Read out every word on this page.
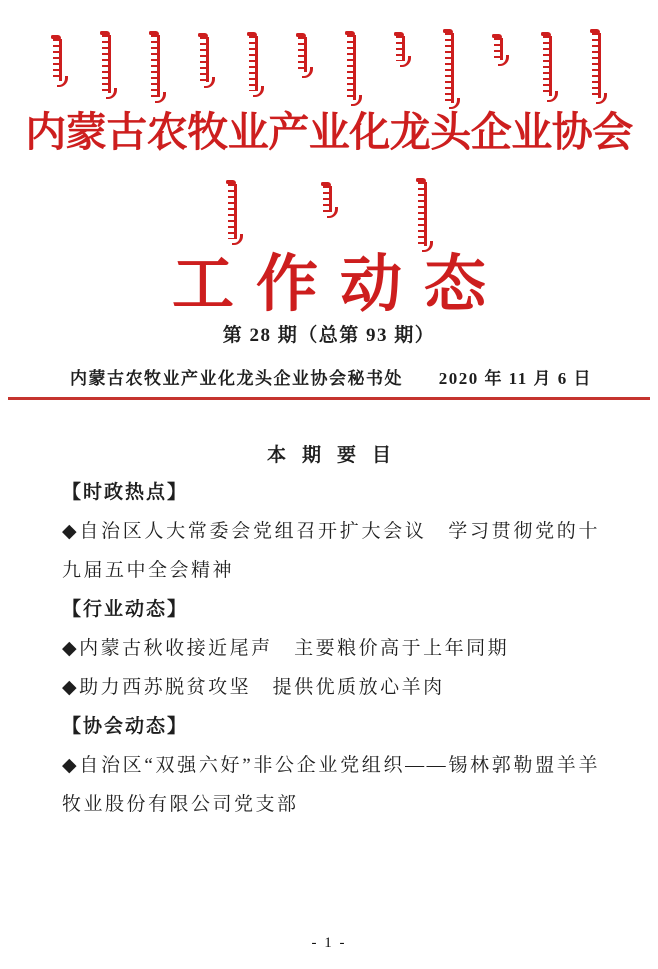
内蒙古农牧业产业化龙头企业协会
工作动态
第 28 期（总第 93 期）
内蒙古农牧业产业化龙头企业协会秘书处 2020 年 11 月 6 日
本期要目
【时政热点】
◆自治区人大常委会党组召开扩大会议　学习贯彻党的十九届五中全会精神
【行业动态】
◆内蒙古秋收接近尾声　主要粮价高于上年同期
◆助力西苏脱贫攻坚　提供优质放心羊肉
【协会动态】
◆自治区“双强六好”非公企业党组织——锡林郭勒盟羊羊牧业股份有限公司党支部
- 1 -
